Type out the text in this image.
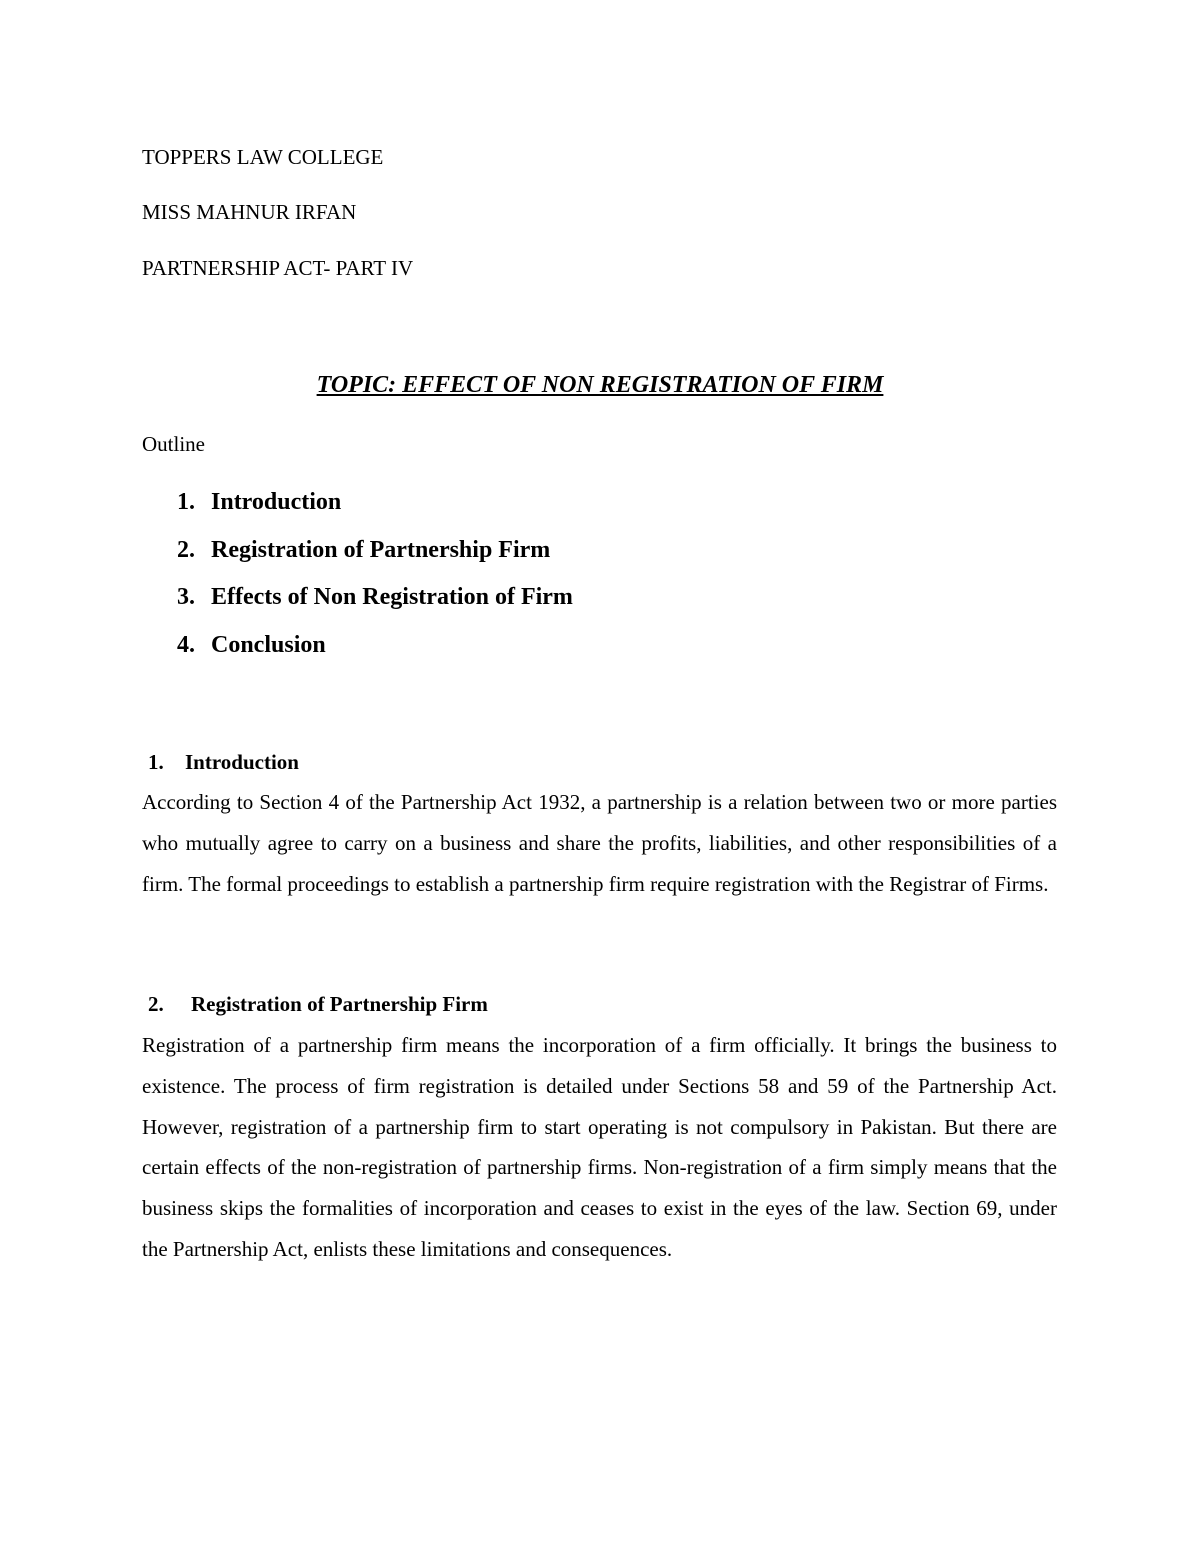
TOPPERS LAW COLLEGE
MISS MAHNUR IRFAN
PARTNERSHIP ACT- PART IV
TOPIC: EFFECT OF NON REGISTRATION OF FIRM
Outline
1. Introduction
2. Registration of Partnership Firm
3. Effects of Non Registration of Firm
4. Conclusion
1. Introduction
According to Section 4 of the Partnership Act 1932, a partnership is a relation between two or more parties who mutually agree to carry on a business and share the profits, liabilities, and other responsibilities of a firm. The formal proceedings to establish a partnership firm require registration with the Registrar of Firms.
2. Registration of Partnership Firm
Registration of a partnership firm means the incorporation of a firm officially. It brings the business to existence. The process of firm registration is detailed under Sections 58 and 59 of the Partnership Act. However, registration of a partnership firm to start operating is not compulsory in Pakistan. But there are certain effects of the non-registration of partnership firms. Non-registration of a firm simply means that the business skips the formalities of incorporation and ceases to exist in the eyes of the law. Section 69, under the Partnership Act, enlists these limitations and consequences.
